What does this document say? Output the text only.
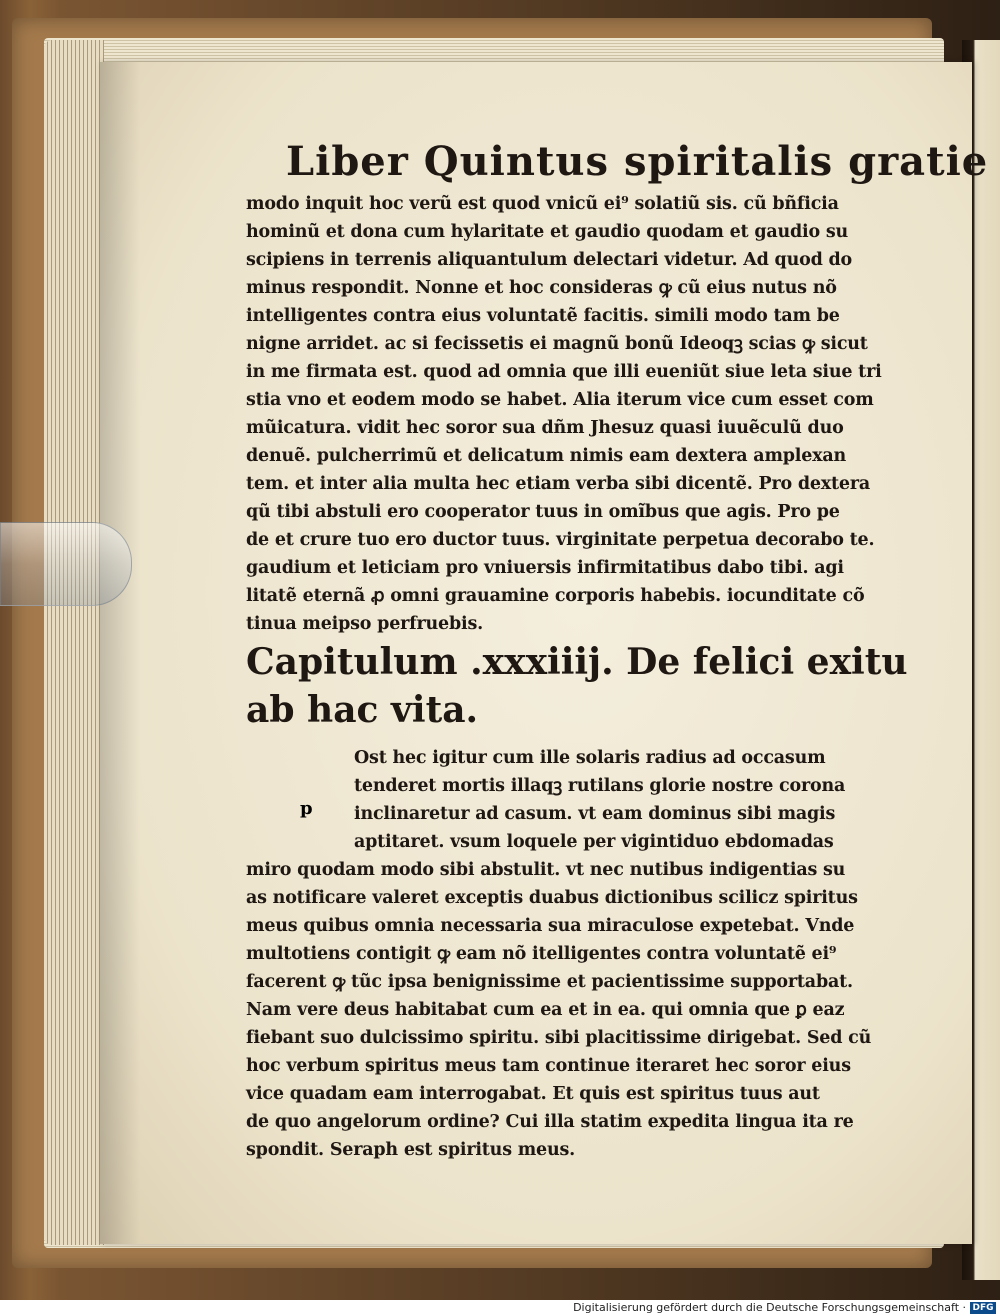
Liber Quintus spiritalis gratie
modo inquit hoc verũ est quod vnicũ ei⁹ solatiũ sis. cũ bñficia
hominũ et dona cum hylaritate et gaudio quodam et gaudio su
scipiens in terrenis aliquantulum delectari videtur. Ad quod do
minus respondit. Nonne et hoc consideras ꝙ cũ eius nutus nõ
intelligentes contra eius voluntatẽ facitis. simili modo tam be
nigne arridet. ac si fecissetis ei magnũ bonũ Ideoqꝫ scias ꝙ sicut
in me firmata est. quod ad omnia que illi eueniũt siue leta siue tri
stia vno et eodem modo se habet. Alia iterum vice cum esset com
mũicatura. vidit hec soror sua dñm Jhesuz quasi iuuẽculũ duo
denuẽ. pulcherrimũ et delicatum nimis eam dextera amplexan
tem. et inter alia multa hec etiam verba sibi dicentẽ. Pro dextera
qũ tibi abstuli ero cooperator tuus in omĩbus que agis. Pro pe
de et crure tuo ero ductor tuus. virginitate perpetua decorabo te.
gaudium et leticiam pro vniuersis infirmitatibus dabo tibi. agi
litatẽ eternã ꝓ omni grauamine corporis habebis. iocunditate cõ
tinua meipso perfruebis.
Capitulum .xxxiiij. De felici exitu
ab hac vita.
Ost hec igitur cum ille solaris radius ad occasum
tenderet mortis illaqꝫ rutilans glorie nostre corona
inclinaretur ad casum. vt eam dominus sibi magis
aptitaret. vsum loquele per vigintiduo ebdomadas
miro quodam modo sibi abstulit. vt nec nutibus indigentias su
as notificare valeret exceptis duabus dictionibus scilicz spiritus
meus quibus omnia necessaria sua miraculose expetebat. Vnde
multotiens contigit ꝙ eam nõ itelligentes contra voluntatẽ ei⁹
facerent ꝙ tũc ipsa benignissime et pacientissime supportabat.
Nam vere deus habitabat cum ea et in ea. qui omnia que ꝑ eaz
fiebant suo dulcissimo spiritu. sibi placitissime dirigebat. Sed cũ
hoc verbum spiritus meus tam continue iteraret hec soror eius
vice quadam eam interrogabat. Et quis est spiritus tuus aut
de quo angelorum ordine? Cui illa statim expedita lingua ita re
spondit. Seraph est spiritus meus.
p
Digitalisierung gefördert durch die Deutsche Forschungsgemeinschaft · DFG
